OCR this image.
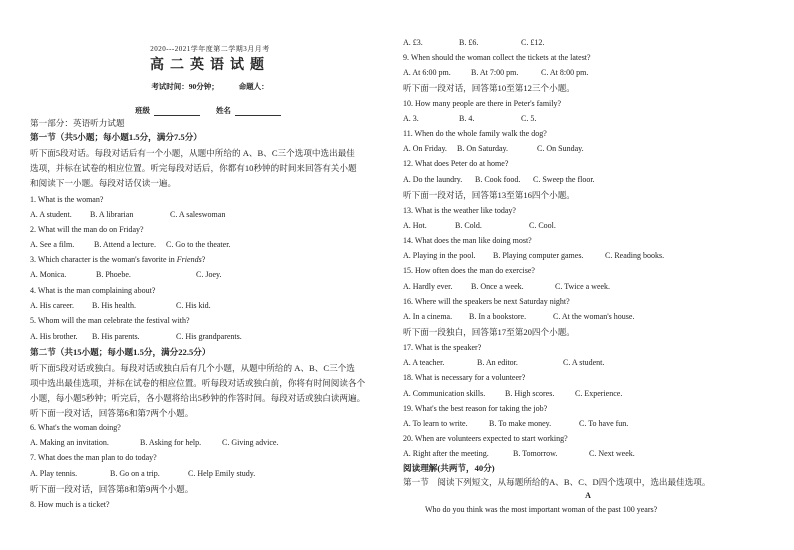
2020---2021学年度第二学期3月月考
高二英语试题
考试时间：90分钟；	命题人：
班级	姓名
第一部分：英语听力试题
第一节（共5小题；每小题1.5分，满分7.5分）
听下面5段对话。每段对话后有一个小题，从题中所给的 A、B、C三个选项中选出最佳
选项，并标在试卷的相应位置。听完每段对话后，你都有10秒钟的时间来回答有关小题
和阅读下一小题。每段对话仅读一遍。
1. What is the woman?
A. A student. B. A librarian	C. A saleswoman
2. What will the man do on Friday?
A. See a film. B. Attend a lecture. C. Go to the theater.
3. Which character is the woman's favorite in Friends?
A. Monica.	B. Phoebe.	C. Joey.
4. What is the man complaining about?
A. His career. B. His health.	C. His kid.
5. Whom will the man celebrate the festival with?
A. His brother. B. His parents.	C. His grandparents.
第二节（共15小题；每小题1.5分，满分22.5分）
听下面5段对话或独白。每段对话或独白后有几个小题，从题中所给的 A、B、C三个选
项中选出最佳选项，并标在试卷的相应位置。听每段对话或独白前，你将有时间阅读各个
小题，每小题5秒钟；听完后，各小题将给出5秒钟的作答时间。每段对话或独白读两遍。
听下面一段对话，回答第6和第7两个小题。
6. What's the woman doing?
A. Making an invitation.	B. Asking for help.	C. Giving advice.
7. What does the man plan to do today?
A. Play tennis.	B. Go on a trip.	C. Help Emily study.
听下面一段对话，回答第8和第9两个小题。
8. How much is a ticket?
A. £3.	B. £6.	C. £12.
9. When should the woman collect the tickets at the latest?
A. At 6:00 pm.	B. At 7:00 pm.	C. At 8:00 pm.
听下面一段对话，回答第10至第12三个小题。
10. How many people are there in Peter's family?
A. 3.	B. 4.	C. 5.
11. When do the whole family walk the dog?
A. On Friday. B. On Saturday.	C. On Sunday.
12. What does Peter do at home?
A. Do the laundry. B. Cook food. C. Sweep the floor.
听下面一段对话，回答第13至第16四个小题。
13. What is the weather like today?
A. Hot.	B. Cold.	C. Cool.
14. What does the man like doing most?
A. Playing in the pool. B. Playing computer games.	C. Reading books.
15. How often does the man do exercise?
A. Hardly ever. B. Once a week.	C. Twice a week.
16. Where will the speakers be next Saturday night?
A. In a cinema. B. In a bookstore.	C. At the woman's house.
听下面一段独白，回答第17至第20四个小题。
17. What is the speaker?
A. A teacher.	B. An editor.	C. A student.
18. What is necessary for a volunteer?
A. Communication skills. B. High scores.	C. Experience.
19. What's the best reason for taking the job?
A. To learn to write.	B. To make money.	C. To have fun.
20. When are volunteers expected to start working?
A. Right after the meeting.	B. Tomorrow.	C. Next week.
阅读理解(共两节，40分)
第一节　阅读下列短文，从每题所给的A、B、C、D四个选项中，选出最佳选项。
A
Who do you think was the most important woman of the past 100 years?
